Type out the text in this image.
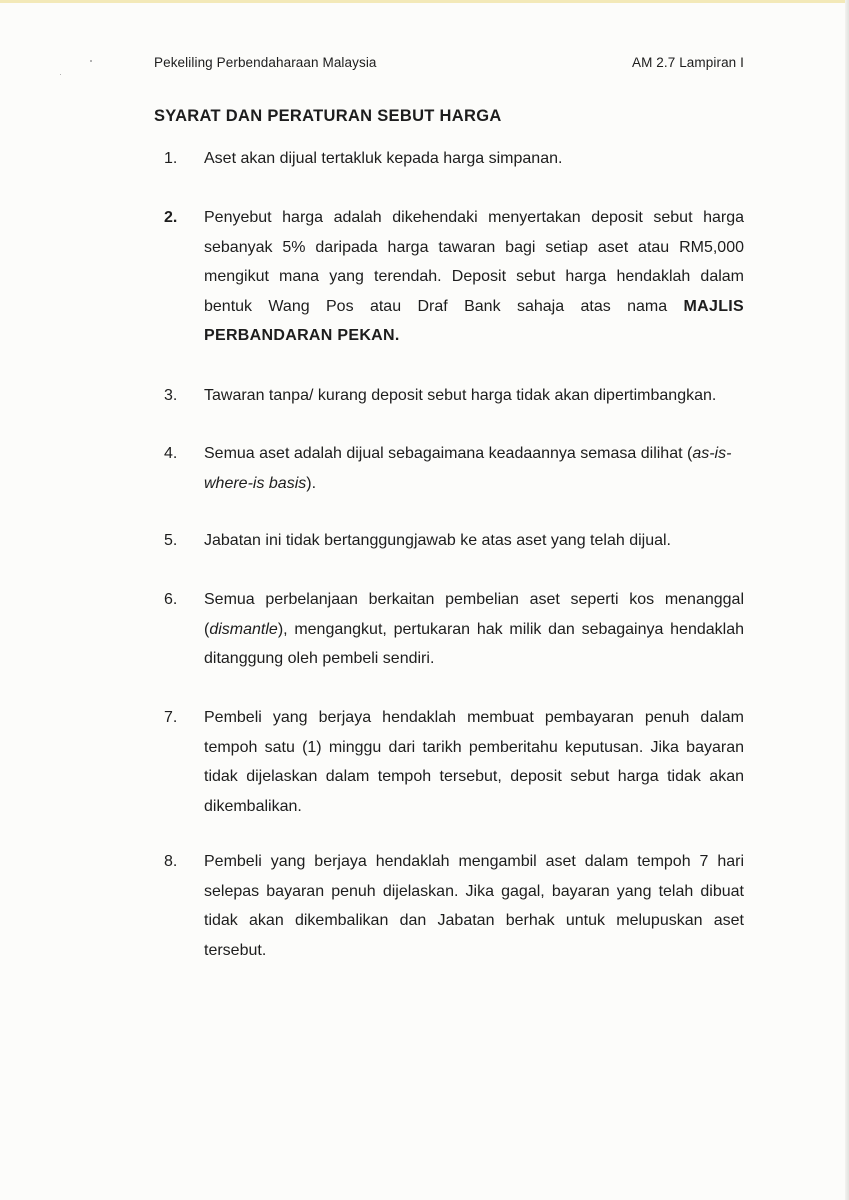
Pekeliling Perbendaharaan Malaysia	AM 2.7 Lampiran I
SYARAT DAN PERATURAN SEBUT HARGA
1.	Aset akan dijual tertakluk kepada harga simpanan.
2.	Penyebut harga adalah dikehendaki menyertakan deposit sebut harga sebanyak 5% daripada harga tawaran bagi setiap aset atau RM5,000 mengikut mana yang terendah. Deposit sebut harga hendaklah dalam bentuk Wang Pos atau Draf Bank sahaja atas nama MAJLIS PERBANDARAN PEKAN.
3.	Tawaran tanpa/ kurang deposit sebut harga tidak akan dipertimbangkan.
4.	Semua aset adalah dijual sebagaimana keadaannya semasa dilihat (as-is-where-is basis).
5.	Jabatan ini tidak bertanggungjawab ke atas aset yang telah dijual.
6.	Semua perbelanjaan berkaitan pembelian aset seperti kos menanggal (dismantle), mengangkut, pertukaran hak milik dan sebagainya hendaklah ditanggung oleh pembeli sendiri.
7.	Pembeli yang berjaya hendaklah membuat pembayaran penuh dalam tempoh satu (1) minggu dari tarikh pemberitahu keputusan. Jika bayaran tidak dijelaskan dalam tempoh tersebut, deposit sebut harga tidak akan dikembalikan.
8.	Pembeli yang berjaya hendaklah mengambil aset dalam tempoh 7 hari selepas bayaran penuh dijelaskan. Jika gagal, bayaran yang telah dibuat tidak akan dikembalikan dan Jabatan berhak untuk melupuskan aset tersebut.
